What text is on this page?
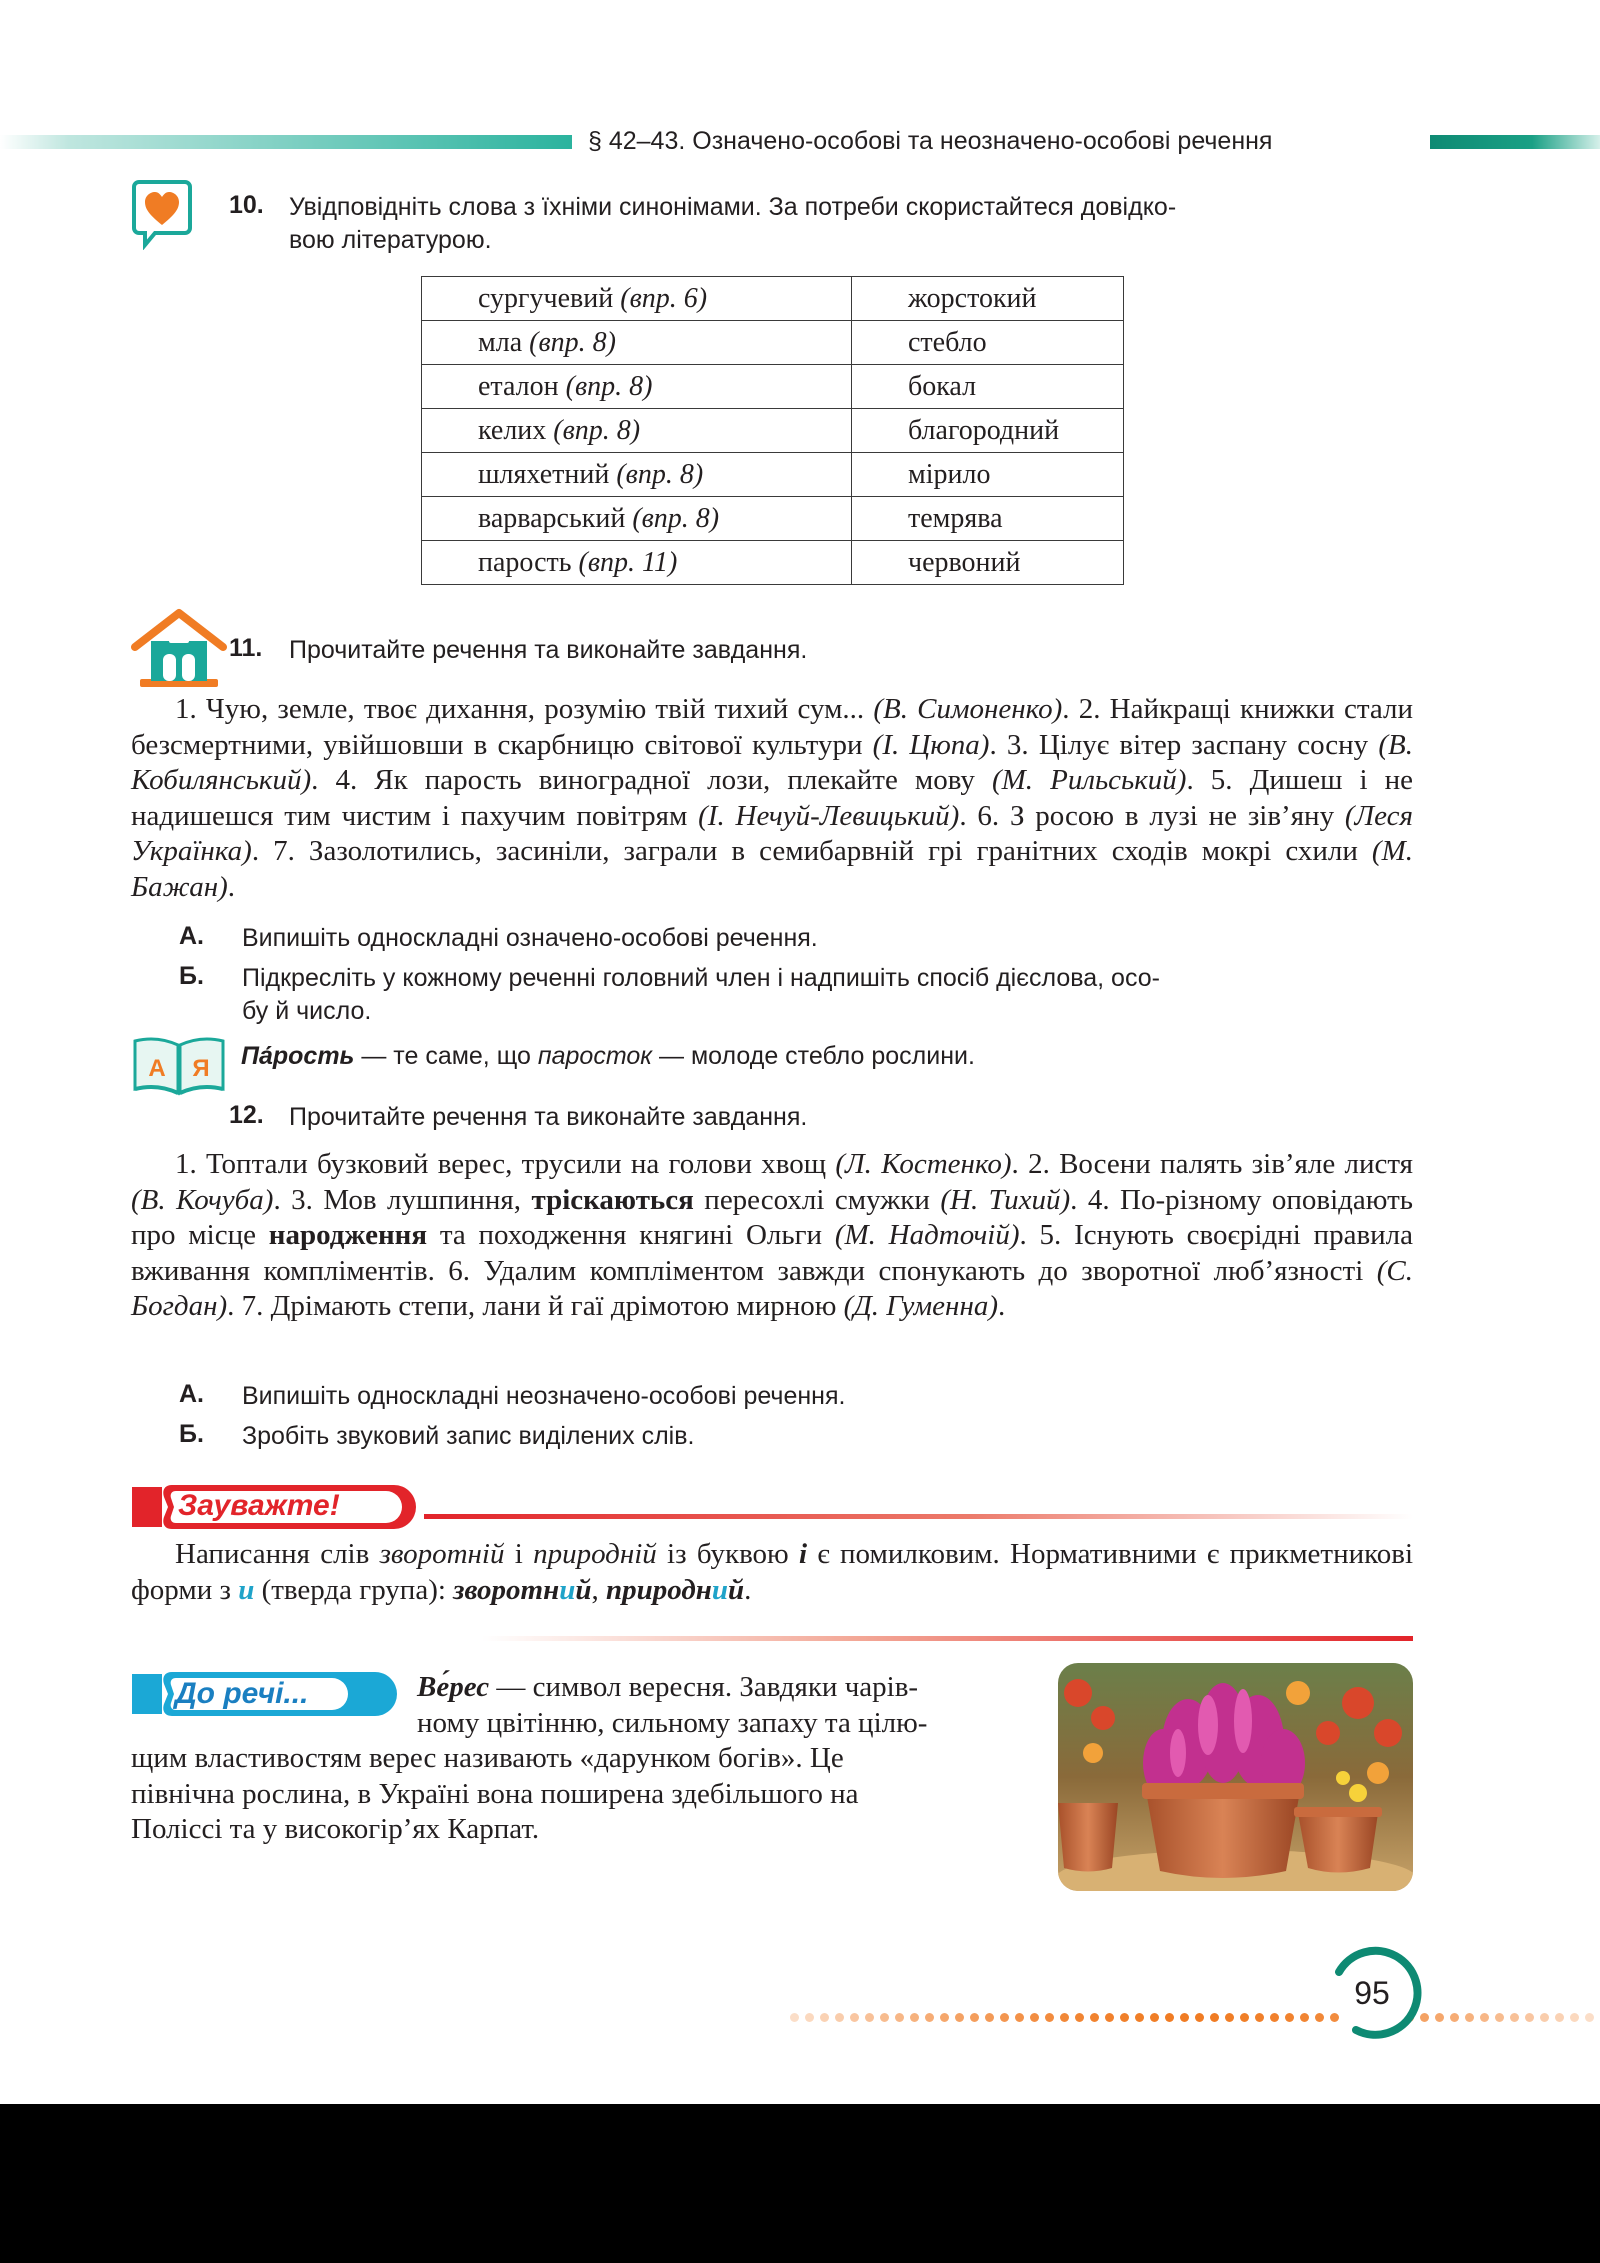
§ 42–43. Означено-особові та неозначено-особові речення
10. Увідповідніть слова з їхніми синонімами. За потреби скористайтеся довідко-
вою літературою.
сургучевий (впр. 6)	жорстокий
мла (впр. 8)	стебло
еталон (впр. 8)	бокал
келих (впр. 8)	благородний
шляхетний (впр. 8)	мірило
варварський (впр. 8)	темрява
парость (впр. 11)	червоний
11. Прочитайте речення та виконайте завдання.
1. Чую, земле, твоє дихання, розумію твій тихий сум... (В. Симоненко). 2. Найкращі книжки стали безсмертними, увійшовши в скарбницю світової культури (І. Цюпа). 3. Цілує вітер заспану сосну (В. Кобилянський). 4. Як парость виноградної лози, плекайте мову (М. Рильський). 5. Дишеш і не надишешся тим чистим і пахучим повітрям (І. Нечуй-Левицький). 6. З росою в лузі не зів’яну (Леся Українка). 7. Зазолотились, засиніли, заграли в семибарвній грі гранітних сходів мокрі схили (М. Бажан).
А. Випишіть односкладні означено-особові речення.
Б. Підкресліть у кожному реченні головний член і надпишіть спосіб дієслова, осо-
бу й число.
А Я Па́рость — те саме, що паросток — молоде стебло рослини.
12. Прочитайте речення та виконайте завдання.
1. Топтали бузковий верес, трусили на голови хвощ (Л. Костенко). 2. Восени палять зів’яле листя (В. Кочуба). 3. Мов лушпиння, тріскаються пересохлі смужки (Н. Тихий). 4. По-різному оповідають про місце народження та походження княгині Ольги (М. Надточій). 5. Існують своєрідні правила вживання компліментів. 6. Удалим компліментом завжди спонукають до зворотної люб’язності (С. Богдан). 7. Дрімають степи, лани й гаї дрімотою мирною (Д. Гуменна).
А. Випишіть односкладні неозначено-особові речення.
Б. Зробіть звуковий запис виділених слів.
Зауважте!
Написання слів зворотній і природній із буквою і є помилковим. Нормативними є прикметникові форми з и (тверда група): зворотний, природний.
До речі...	Ве́рес — символ вересня. Завдяки чарів-
ному цвітінню, сильному запаху та цілю-
щим властивостям верес називають «дарунком богів». Це
північна рослина, в Україні вона поширена здебільшого на
Поліссі та у високогір’ях Карпат.
95
